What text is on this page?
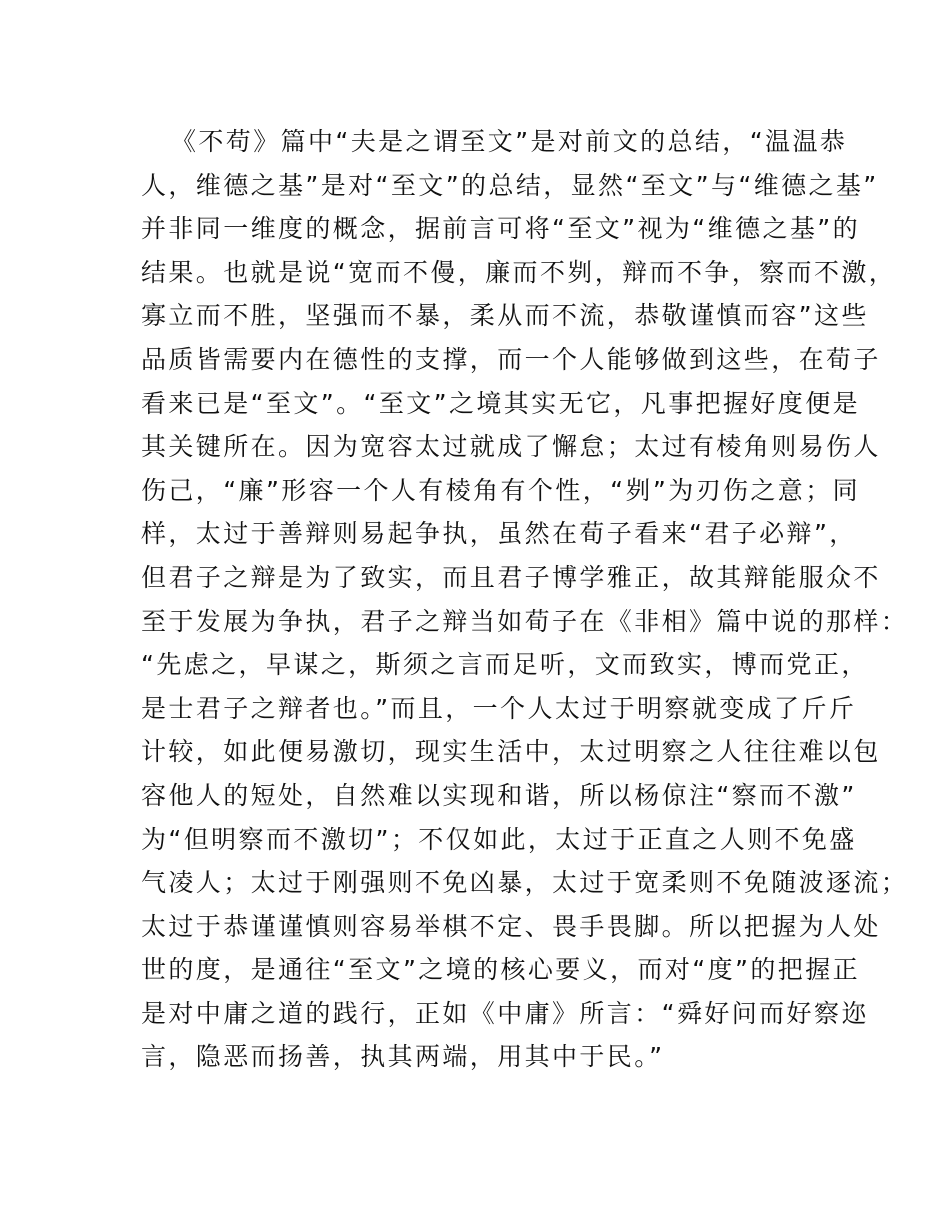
《不苟》篇中“夫是之谓至文”是对前文的总结，“温温恭
人，维德之基”是对“至文”的总结，显然“至文”与“维德之基”
并非同一维度的概念，据前言可将“至文”视为“维德之基”的
结果。也就是说“宽而不僈，廉而不刿，辩而不争，察而不激，
寡立而不胜，坚强而不暴，柔从而不流，恭敬谨慎而容”这些
品质皆需要内在德性的支撑，而一个人能够做到这些，在荀子
看来已是“至文”。“至文”之境其实无它，凡事把握好度便是
其关键所在。因为宽容太过就成了懈怠；太过有棱角则易伤人
伤己，“廉”形容一个人有棱角有个性，“刿”为刃伤之意；同
样，太过于善辩则易起争执，虽然在荀子看来“君子必辩”，
但君子之辩是为了致实，而且君子博学雅正，故其辩能服众不
至于发展为争执，君子之辩当如荀子在《非相》篇中说的那样：
“先虑之，早谋之，斯须之言而足听，文而致实，博而党正，
是士君子之辩者也。”而且，一个人太过于明察就变成了斤斤
计较，如此便易激切，现实生活中，太过明察之人往往难以包
容他人的短处，自然难以实现和谐，所以杨倞注“察而不激”
为“但明察而不激切”；不仅如此，太过于正直之人则不免盛
气凌人；太过于刚强则不免凶暴，太过于宽柔则不免随波逐流；
太过于恭谨谨慎则容易举棋不定、畏手畏脚。所以把握为人处
世的度，是通往“至文”之境的核心要义，而对“度”的把握正
是对中庸之道的践行，正如《中庸》所言：“舜好问而好察迩
言，隐恶而扬善，执其两端，用其中于民。”
